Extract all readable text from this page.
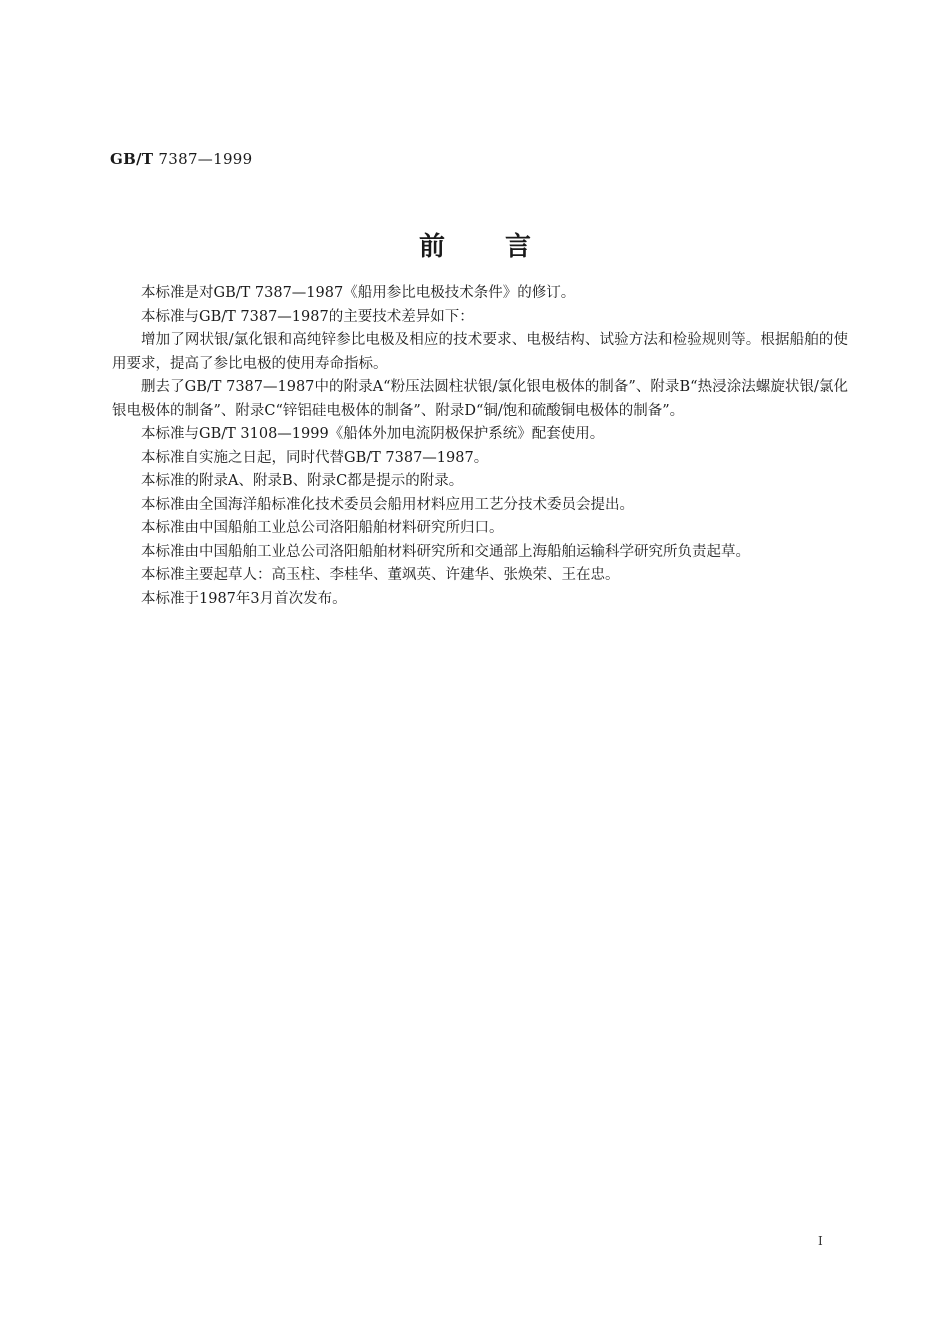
GB/T 7387—1999
前言

本标准是对GB/T 7387—1987《船用参比电极技术条件》的修订。

本标准与GB/T 7387—1987的主要技术差异如下：

增加了网状银/氯化银和高纯锌参比电极及相应的技术要求、电极结构、试验方法和检验规则等。根据船舶的使用要求，提高了参比电极的使用寿命指标。

删去了GB/T 7387—1987中的附录A“粉压法圆柱状银/氯化银电极体的制备”、附录B“热浸涂法螺旋状银/氯化银电极体的制备”、附录C“锌铝硅电极体的制备”、附录D“铜/饱和硫酸铜电极体的制备”。

本标准与GB/T 3108—1999《船体外加电流阴极保护系统》配套使用。

本标准自实施之日起，同时代替GB/T 7387—1987。

本标准的附录A、附录B、附录C都是提示的附录。

本标准由全国海洋船标准化技术委员会船用材料应用工艺分技术委员会提出。

本标准由中国船舶工业总公司洛阳船舶材料研究所归口。

本标准由中国船舶工业总公司洛阳船舶材料研究所和交通部上海船舶运输科学研究所负责起草。

本标准主要起草人：高玉柱、李桂华、董飒英、许建华、张焕荣、王在忠。

本标准于1987年3月首次发布。

I
